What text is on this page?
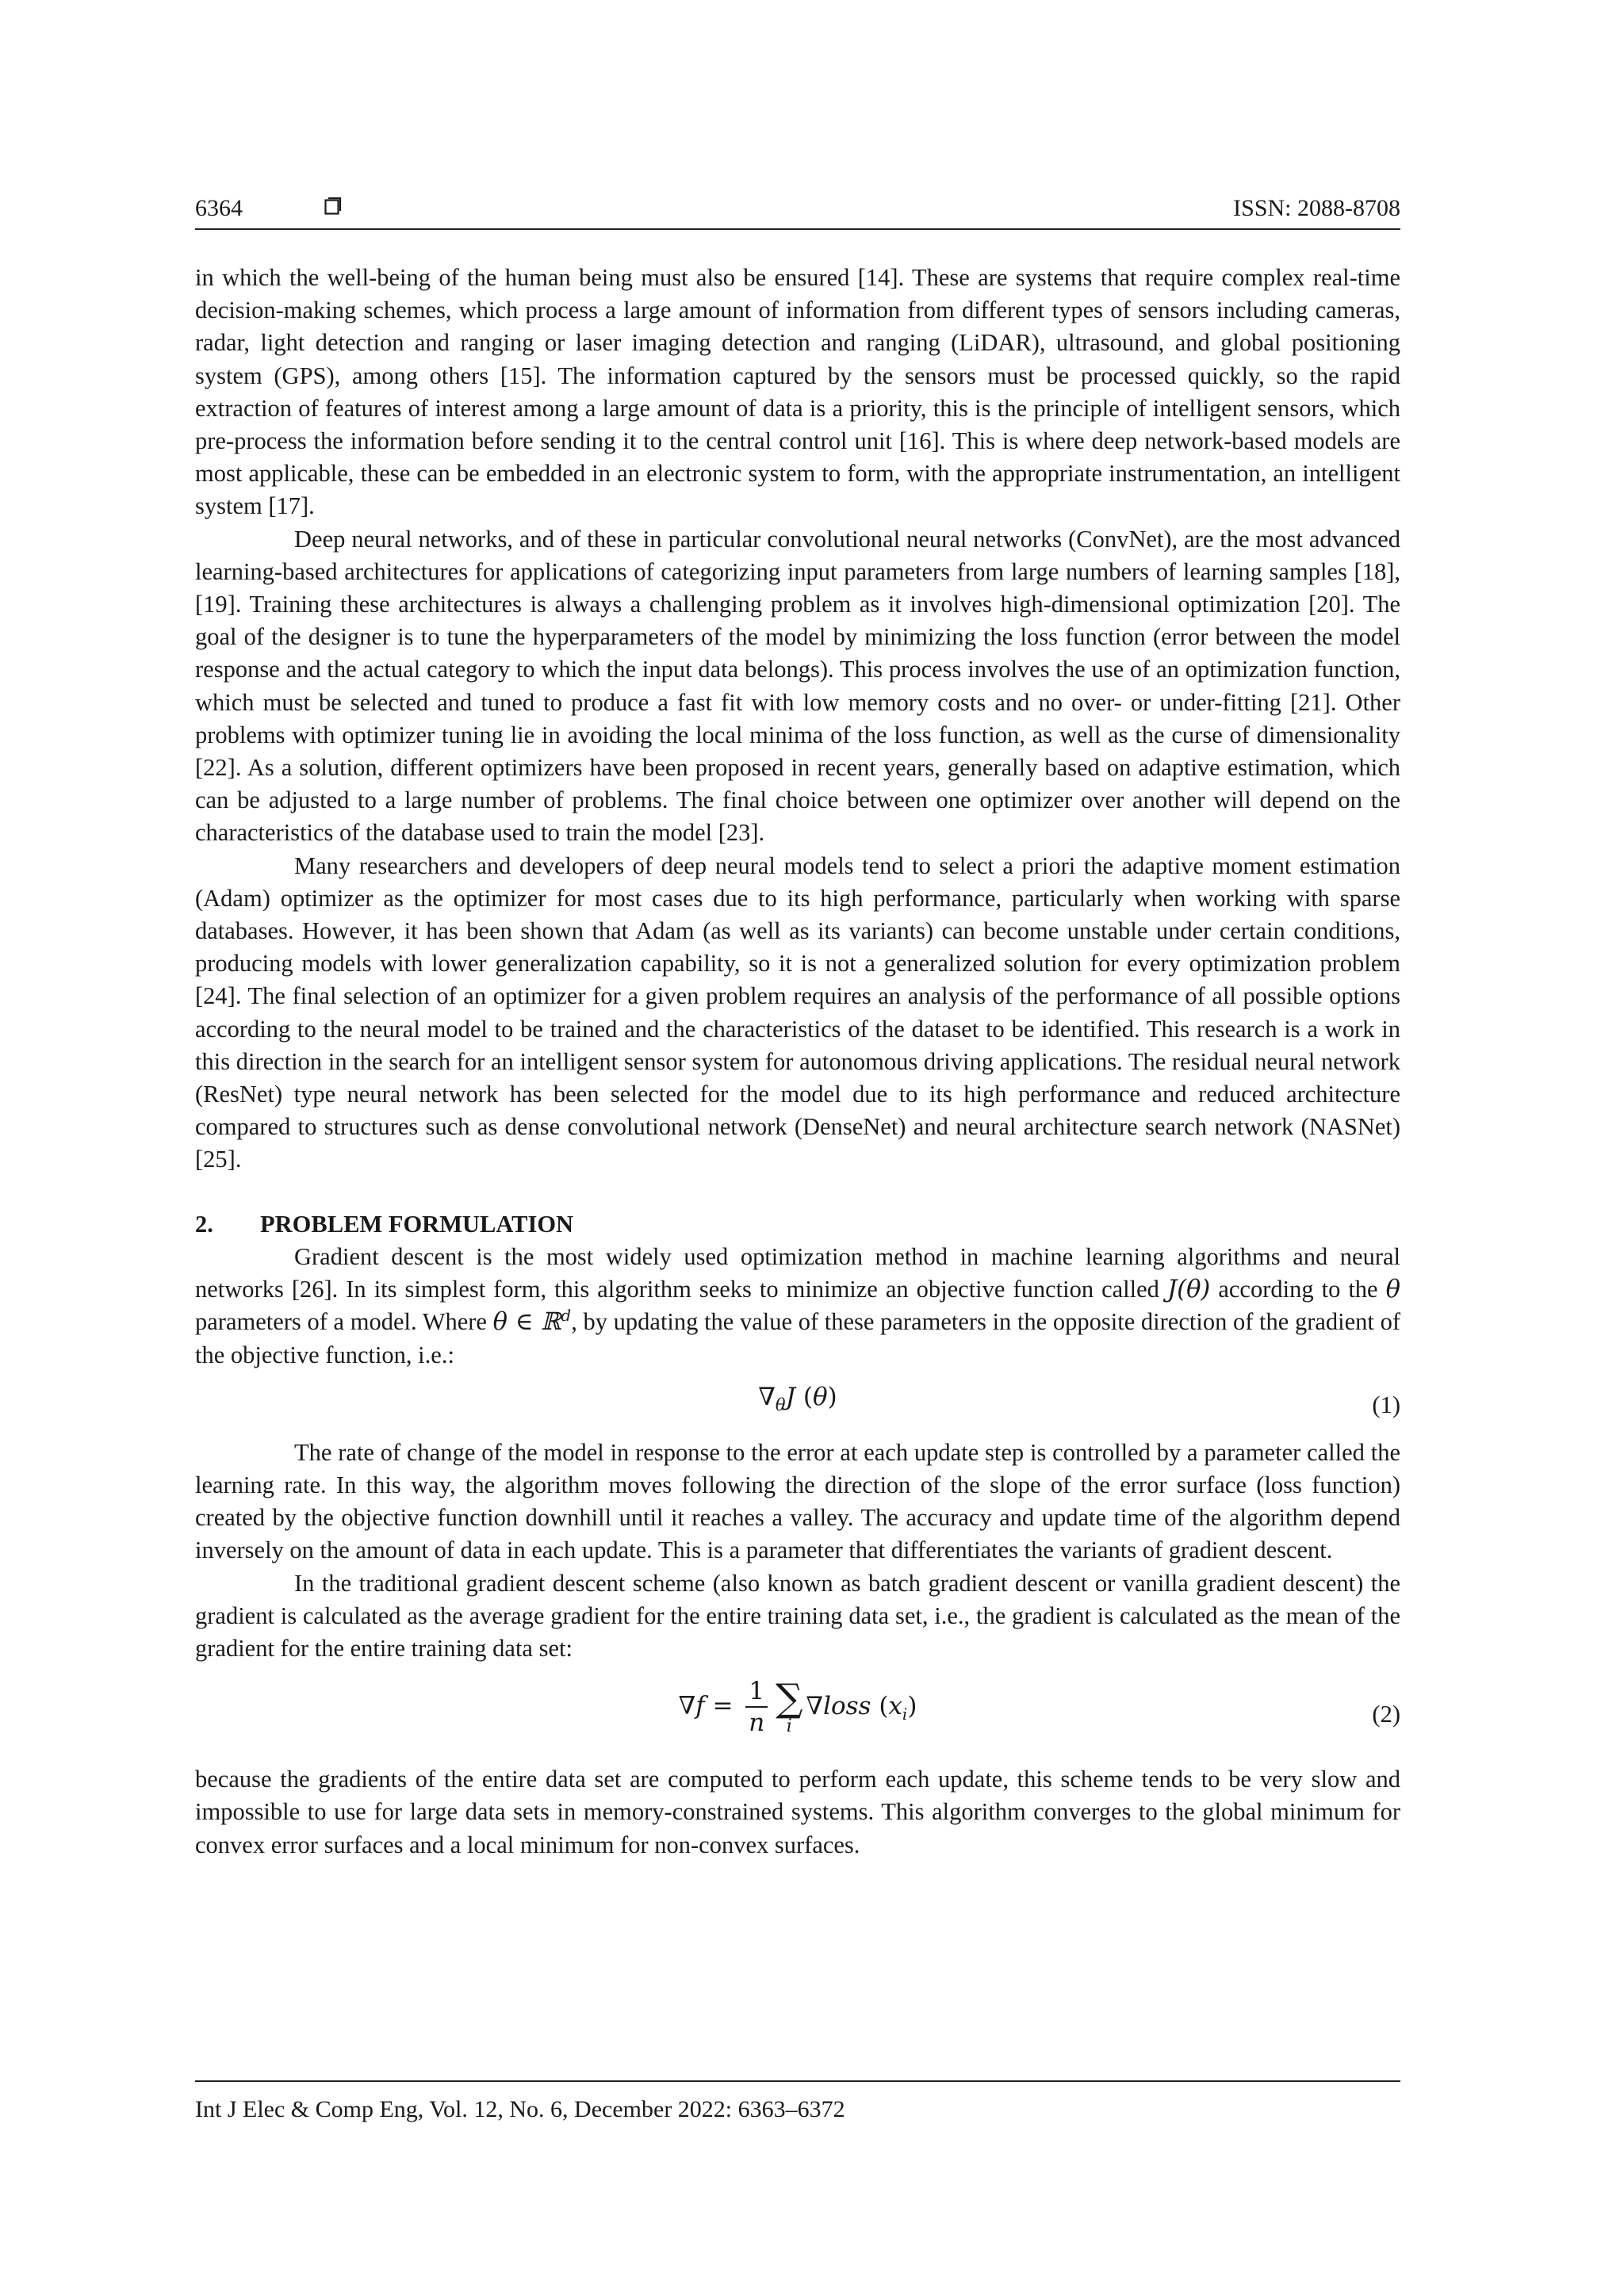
6364	ISSN: 2088-8708

in which the well-being of the human being must also be ensured [14]. These are systems that require complex real-time decision-making schemes, which process a large amount of information from different types of sensors including cameras, radar, light detection and ranging or laser imaging detection and ranging (LiDAR), ultrasound, and global positioning system (GPS), among others [15]. The information captured by the sensors must be processed quickly, so the rapid extraction of features of interest among a large amount of data is a priority, this is the principle of intelligent sensors, which pre-process the information before sending it to the central control unit [16]. This is where deep network-based models are most applicable, these can be embedded in an electronic system to form, with the appropriate instrumentation, an intelligent system [17].

Deep neural networks, and of these in particular convolutional neural networks (ConvNet), are the most advanced learning-based architectures for applications of categorizing input parameters from large numbers of learning samples [18], [19]. Training these architectures is always a challenging problem as it involves high-dimensional optimization [20]. The goal of the designer is to tune the hyperparameters of the model by minimizing the loss function (error between the model response and the actual category to which the input data belongs). This process involves the use of an optimization function, which must be selected and tuned to produce a fast fit with low memory costs and no over- or under-fitting [21]. Other problems with optimizer tuning lie in avoiding the local minima of the loss function, as well as the curse of dimensionality [22]. As a solution, different optimizers have been proposed in recent years, generally based on adaptive estimation, which can be adjusted to a large number of problems. The final choice between one optimizer over another will depend on the characteristics of the database used to train the model [23].

Many researchers and developers of deep neural models tend to select a priori the adaptive moment estimation (Adam) optimizer as the optimizer for most cases due to its high performance, particularly when working with sparse databases. However, it has been shown that Adam (as well as its variants) can become unstable under certain conditions, producing models with lower generalization capability, so it is not a generalized solution for every optimization problem [24]. The final selection of an optimizer for a given problem requires an analysis of the performance of all possible options according to the neural model to be trained and the characteristics of the dataset to be identified. This research is a work in this direction in the search for an intelligent sensor system for autonomous driving applications. The residual neural network (ResNet) type neural network has been selected for the model due to its high performance and reduced architecture compared to structures such as dense convolutional network (DenseNet) and neural architecture search network (NASNet) [25].

2. PROBLEM FORMULATION

Gradient descent is the most widely used optimization method in machine learning algorithms and neural networks [26]. In its simplest form, this algorithm seeks to minimize an objective function called J(θ) according to the θ parameters of a model. Where θ ∈ ℝ$^d$, by updating the value of these parameters in the opposite direction of the gradient of the objective function, i.e.:

$\nabla_\theta J$ (θ)	(1)

The rate of change of the model in response to the error at each update step is controlled by a parameter called the learning rate. In this way, the algorithm moves following the direction of the slope of the error surface (loss function) created by the objective function downhill until it reaches a valley. The accuracy and update time of the algorithm depend inversely on the amount of data in each update. This is a parameter that differentiates the variants of gradient descent.

In the traditional gradient descent scheme (also known as batch gradient descent or vanilla gradient descent) the gradient is calculated as the average gradient for the entire training data set, i.e., the gradient is calculated as the mean of the gradient for the entire training data set:

$\nabla f = \frac{1}{n}$ ∑
i
∇loss $(x_i)$	(2)

because the gradients of the entire data set are computed to perform each update, this scheme tends to be very slow and impossible to use for large data sets in memory-constrained systems. This algorithm converges to the global minimum for convex error surfaces and a local minimum for non-convex surfaces.

Int J Elec & Comp Eng, Vol. 12, No. 6, December 2022: 6363–6372
